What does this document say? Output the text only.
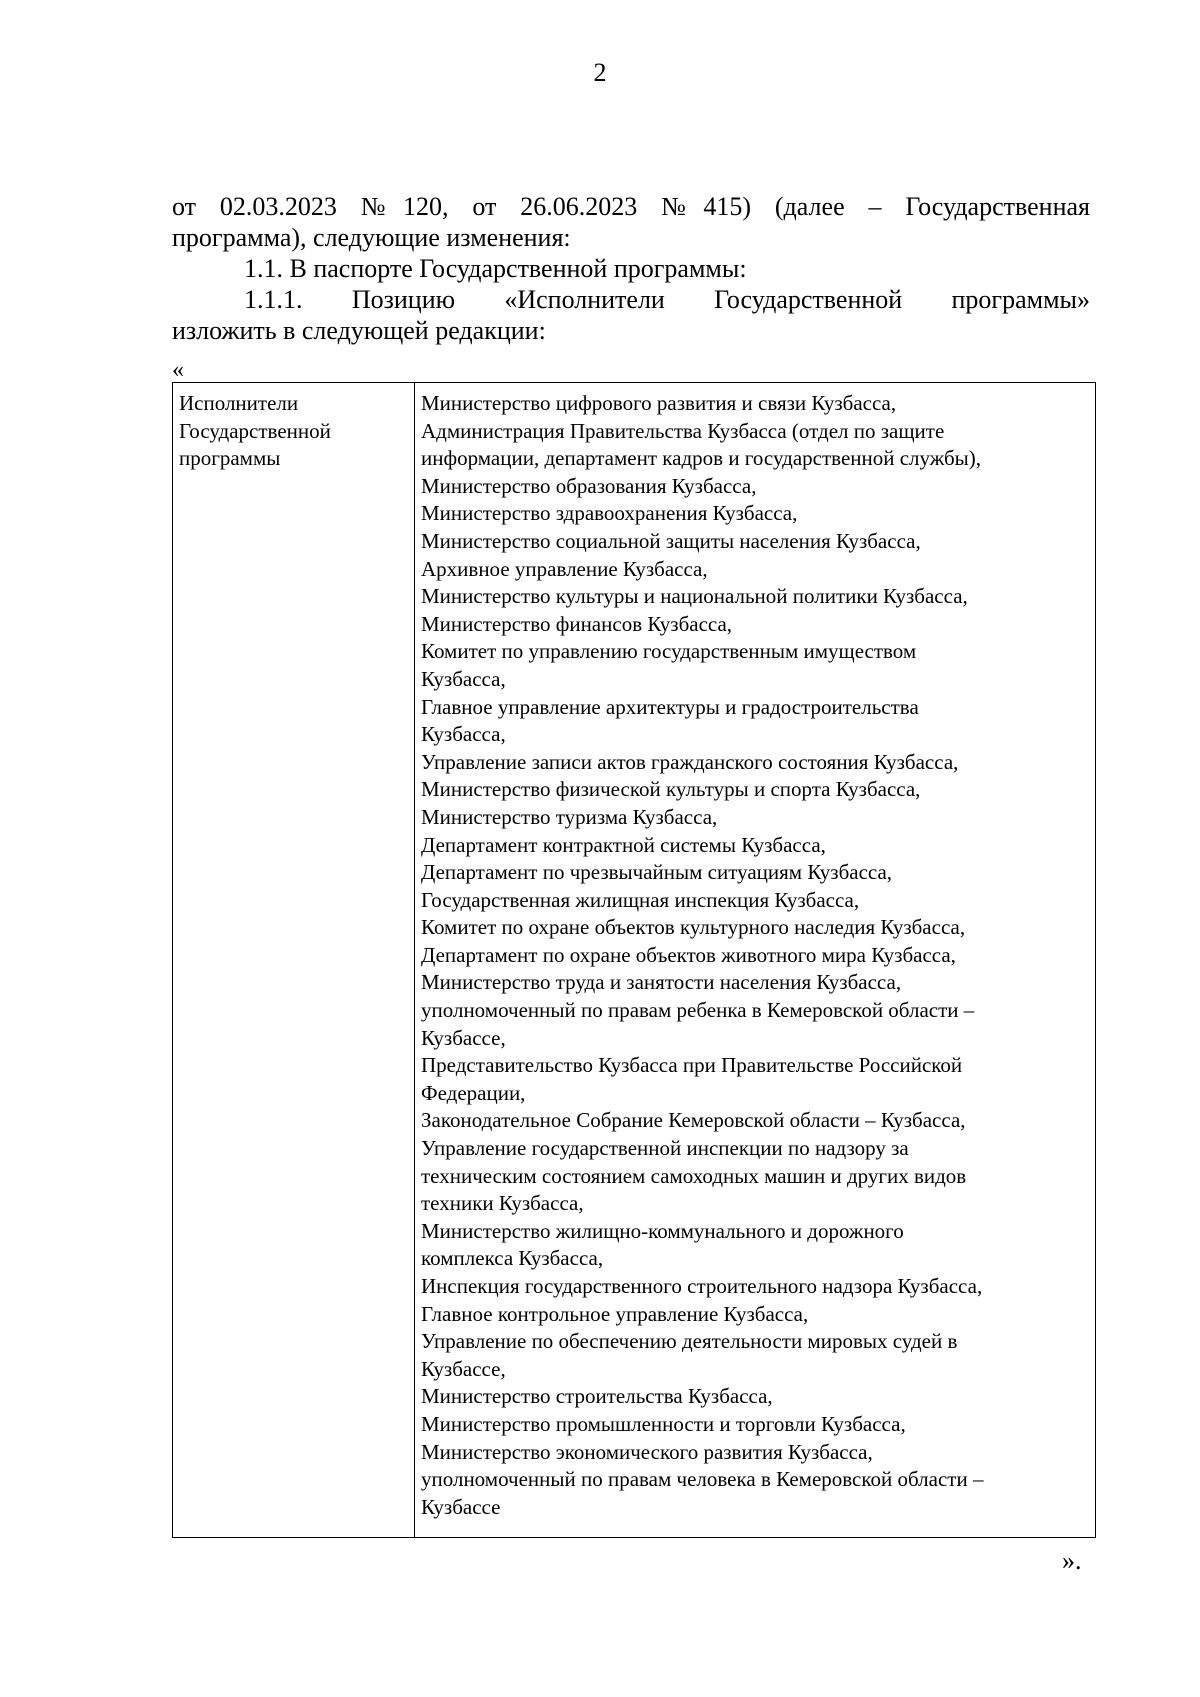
2
от 02.03.2023 №120, от 26.06.2023 №415) (далее – Государственная
программа), следующие изменения:
1.1. В паспорте Государственной программы:
1.1.1. Позицию «Исполнители Государственной программы»
изложить в следующей редакции:
«
Исполнители
Государственной
программы
Министерство цифрового развития и связи Кузбасса,
Администрация Правительства Кузбасса (отдел по защите
информации, департамент кадров и государственной службы),
Министерство образования Кузбасса,
Министерство здравоохранения Кузбасса,
Министерство социальной защиты населения Кузбасса,
Архивное управление Кузбасса,
Министерство культуры и национальной политики Кузбасса,
Министерство финансов Кузбасса,
Комитет по управлению государственным имуществом
Кузбасса,
Главное управление архитектуры и градостроительства
Кузбасса,
Управление записи актов гражданского состояния Кузбасса,
Министерство физической культуры и спорта Кузбасса,
Министерство туризма Кузбасса,
Департамент контрактной системы Кузбасса,
Департамент по чрезвычайным ситуациям Кузбасса,
Государственная жилищная инспекция Кузбасса,
Комитет по охране объектов культурного наследия Кузбасса,
Департамент по охране объектов животного мира Кузбасса,
Министерство труда и занятости населения Кузбасса,
уполномоченный по правам ребенка в Кемеровской области –
Кузбассе,
Представительство Кузбасса при Правительстве Российской
Федерации,
Законодательное Собрание Кемеровской области – Кузбасса,
Управление государственной инспекции по надзору за
техническим состоянием самоходных машин и других видов
техники Кузбасса,
Министерство жилищно-коммунального и дорожного
комплекса Кузбасса,
Инспекция государственного строительного надзора Кузбасса,
Главное контрольное управление Кузбасса,
Управление по обеспечению деятельности мировых судей в
Кузбассе,
Министерство строительства Кузбасса,
Министерство промышленности и торговли Кузбасса,
Министерство экономического развития Кузбасса,
уполномоченный по правам человека в Кемеровской области –
Кузбассе
».
